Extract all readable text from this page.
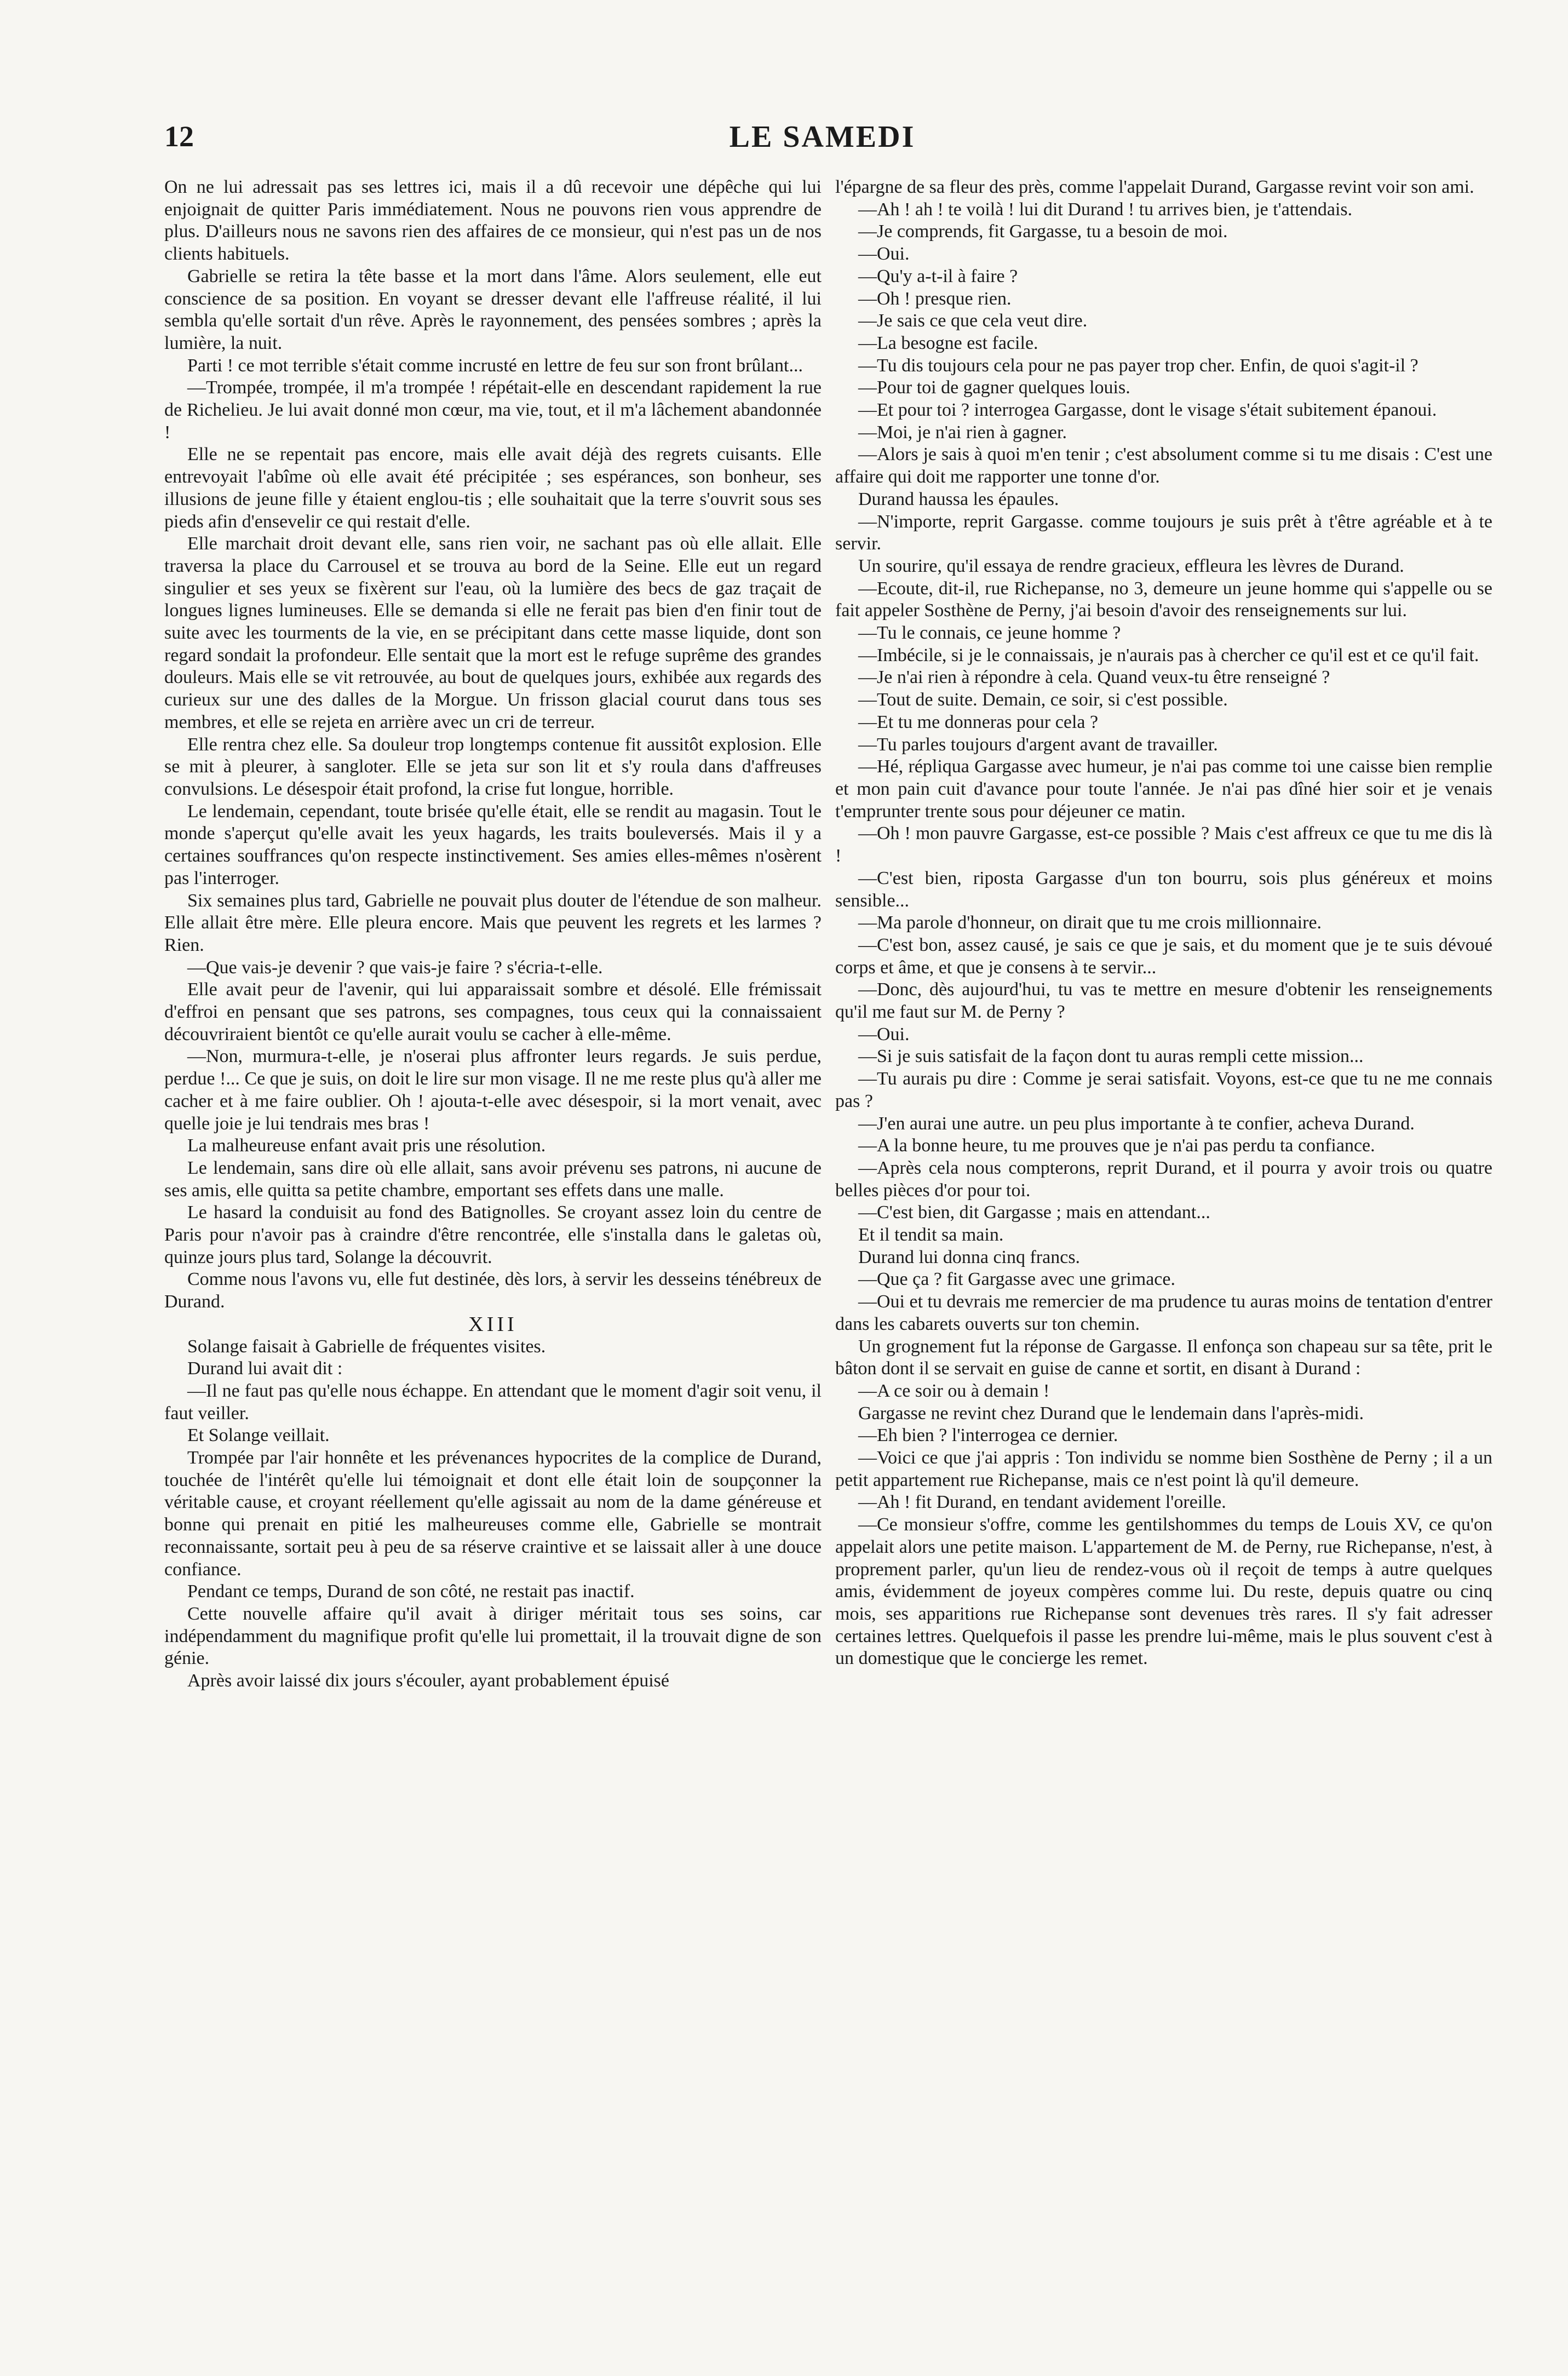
12	LE SAMEDI

On ne lui adressait pas ses lettres ici, mais il a dû recevoir une dépêche qui lui enjoignait de quitter Paris immédiatement. Nous ne pouvons rien vous apprendre de plus. D'ailleurs nous ne savons rien des affaires de ce monsieur, qui n'est pas un de nos clients habituels.

Gabrielle se retira la tête basse et la mort dans l'âme. Alors seulement, elle eut conscience de sa position. En voyant se dresser devant elle l'affreuse réalité, il lui sembla qu'elle sortait d'un rêve. Après le rayonnement, des pensées sombres ; après la lumière, la nuit.

Parti ! ce mot terrible s'était comme incrusté en lettre de feu sur son front brûlant...

—Trompée, trompée, il m'a trompée ! répétait-elle en descendant rapidement la rue de Richelieu. Je lui avait donné mon cœur, ma vie, tout, et il m'a lâchement abandonnée !

Elle ne se repentait pas encore, mais elle avait déjà des regrets cuisants. Elle entrevoyait l'abîme où elle avait été précipitée ; ses espérances, son bonheur, ses illusions de jeune fille y étaient englou-tis ; elle souhaitait que la terre s'ouvrit sous ses pieds afin d'ensevelir ce qui restait d'elle.

Elle marchait droit devant elle, sans rien voir, ne sachant pas où elle allait. Elle traversa la place du Carrousel et se trouva au bord de la Seine. Elle eut un regard singulier et ses yeux se fixèrent sur l'eau, où la lumière des becs de gaz traçait de longues lignes lumineuses. Elle se demanda si elle ne ferait pas bien d'en finir tout de suite avec les tourments de la vie, en se précipitant dans cette masse liquide, dont son regard sondait la profondeur. Elle sentait que la mort est le refuge suprême des grandes douleurs. Mais elle se vit retrouvée, au bout de quelques jours, exhibée aux regards des curieux sur une des dalles de la Morgue. Un frisson glacial courut dans tous ses membres, et elle se rejeta en arrière avec un cri de terreur.

Elle rentra chez elle. Sa douleur trop longtemps contenue fit aussitôt explosion. Elle se mit à pleurer, à sangloter. Elle se jeta sur son lit et s'y roula dans d'affreuses convulsions. Le désespoir était profond, la crise fut longue, horrible.

Le lendemain, cependant, toute brisée qu'elle était, elle se rendit au magasin. Tout le monde s'aperçut qu'elle avait les yeux hagards, les traits bouleversés. Mais il y a certaines souffrances qu'on respecte instinctivement. Ses amies elles-mêmes n'osèrent pas l'interroger.

Six semaines plus tard, Gabrielle ne pouvait plus douter de l'étendue de son malheur. Elle allait être mère. Elle pleura encore. Mais que peuvent les regrets et les larmes ? Rien.

—Que vais-je devenir ? que vais-je faire ? s'écria-t-elle.

Elle avait peur de l'avenir, qui lui apparaissait sombre et désolé. Elle frémissait d'effroi en pensant que ses patrons, ses compagnes, tous ceux qui la connaissaient découvriraient bientôt ce qu'elle aurait voulu se cacher à elle-même.

—Non, murmura-t-elle, je n'oserai plus affronter leurs regards. Je suis perdue, perdue !... Ce que je suis, on doit le lire sur mon visage. Il ne me reste plus qu'à aller me cacher et à me faire oublier. Oh ! ajouta-t-elle avec désespoir, si la mort venait, avec quelle joie je lui tendrais mes bras !

La malheureuse enfant avait pris une résolution.

Le lendemain, sans dire où elle allait, sans avoir prévenu ses patrons, ni aucune de ses amis, elle quitta sa petite chambre, emportant ses effets dans une malle.

Le hasard la conduisit au fond des Batignolles. Se croyant assez loin du centre de Paris pour n'avoir pas à craindre d'être rencontrée, elle s'installa dans le galetas où, quinze jours plus tard, Solange la découvrit.

Comme nous l'avons vu, elle fut destinée, dès lors, à servir les desseins ténébreux de Durand.

XIII

Solange faisait à Gabrielle de fréquentes visites.

Durand lui avait dit :

—Il ne faut pas qu'elle nous échappe. En attendant que le moment d'agir soit venu, il faut veiller.

Et Solange veillait.

Trompée par l'air honnête et les prévenances hypocrites de la complice de Durand, touchée de l'intérêt qu'elle lui témoignait et dont elle était loin de soupçonner la véritable cause, et croyant réellement qu'elle agissait au nom de la dame généreuse et bonne qui prenait en pitié les malheureuses comme elle, Gabrielle se montrait reconnaissante, sortait peu à peu de sa réserve craintive et se laissait aller à une douce confiance.

Pendant ce temps, Durand de son côté, ne restait pas inactif.

Cette nouvelle affaire qu'il avait à diriger méritait tous ses soins, car indépendamment du magnifique profit qu'elle lui promettait, il la trouvait digne de son génie.

Après avoir laissé dix jours s'écouler, ayant probablement épuisé

l'épargne de sa fleur des près, comme l'appelait Durand, Gargasse revint voir son ami.

—Ah ! ah ! te voilà ! lui dit Durand ! tu arrives bien, je t'attendais.

—Je comprends, fit Gargasse, tu a besoin de moi.

—Oui.

—Qu'y a-t-il à faire ?

—Oh ! presque rien.

—Je sais ce que cela veut dire.

—La besogne est facile.

—Tu dis toujours cela pour ne pas payer trop cher. Enfin, de quoi s'agit-il ?

—Pour toi de gagner quelques louis.

—Et pour toi ? interrogea Gargasse, dont le visage s'était subitement épanoui.

—Moi, je n'ai rien à gagner.

—Alors je sais à quoi m'en tenir ; c'est absolument comme si tu me disais : C'est une affaire qui doit me rapporter une tonne d'or.

Durand haussa les épaules.

—N'importe, reprit Gargasse. comme toujours je suis prêt à t'être agréable et à te servir.

Un sourire, qu'il essaya de rendre gracieux, effleura les lèvres de Durand.

—Ecoute, dit-il, rue Richepanse, no 3, demeure un jeune homme qui s'appelle ou se fait appeler Sosthène de Perny, j'ai besoin d'avoir des renseignements sur lui.

—Tu le connais, ce jeune homme ?

—Imbécile, si je le connaissais, je n'aurais pas à chercher ce qu'il est et ce qu'il fait.

—Je n'ai rien à répondre à cela. Quand veux-tu être renseigné ?

—Tout de suite. Demain, ce soir, si c'est possible.

—Et tu me donneras pour cela ?

—Tu parles toujours d'argent avant de travailler.

—Hé, répliqua Gargasse avec humeur, je n'ai pas comme toi une caisse bien remplie et mon pain cuit d'avance pour toute l'année. Je n'ai pas dîné hier soir et je venais t'emprunter trente sous pour déjeuner ce matin.

—Oh ! mon pauvre Gargasse, est-ce possible ? Mais c'est affreux ce que tu me dis là !

—C'est bien, riposta Gargasse d'un ton bourru, sois plus généreux et moins sensible...

—Ma parole d'honneur, on dirait que tu me crois millionnaire.

—C'est bon, assez causé, je sais ce que je sais, et du moment que je te suis dévoué corps et âme, et que je consens à te servir...

—Donc, dès aujourd'hui, tu vas te mettre en mesure d'obtenir les renseignements qu'il me faut sur M. de Perny ?

—Oui.

—Si je suis satisfait de la façon dont tu auras rempli cette mission...

—Tu aurais pu dire : Comme je serai satisfait. Voyons, est-ce que tu ne me connais pas ?

—J'en aurai une autre. un peu plus importante à te confier, acheva Durand.

—A la bonne heure, tu me prouves que je n'ai pas perdu ta confiance.

—Après cela nous compterons, reprit Durand, et il pourra y avoir trois ou quatre belles pièces d'or pour toi.

—C'est bien, dit Gargasse ; mais en attendant...

Et il tendit sa main.

Durand lui donna cinq francs.

—Que ça ? fit Gargasse avec une grimace.

—Oui et tu devrais me remercier de ma prudence tu auras moins de tentation d'entrer dans les cabarets ouverts sur ton chemin.

Un grognement fut la réponse de Gargasse. Il enfonça son chapeau sur sa tête, prit le bâton dont il se servait en guise de canne et sortit, en disant à Durand :

—A ce soir ou à demain !

Gargasse ne revint chez Durand que le lendemain dans l'après-midi.

—Eh bien ? l'interrogea ce dernier.

—Voici ce que j'ai appris : Ton individu se nomme bien Sosthène de Perny ; il a un petit appartement rue Richepanse, mais ce n'est point là qu'il demeure.

—Ah ! fit Durand, en tendant avidement l'oreille.

—Ce monsieur s'offre, comme les gentilshommes du temps de Louis XV, ce qu'on appelait alors une petite maison. L'appartement de M. de Perny, rue Richepanse, n'est, à proprement parler, qu'un lieu de rendez-vous où il reçoit de temps à autre quelques amis, évidemment de joyeux compères comme lui. Du reste, depuis quatre ou cinq mois, ses apparitions rue Richepanse sont devenues très rares. Il s'y fait adresser certaines lettres. Quelquefois il passe les prendre lui-même, mais le plus souvent c'est à un domestique que le concierge les remet.
